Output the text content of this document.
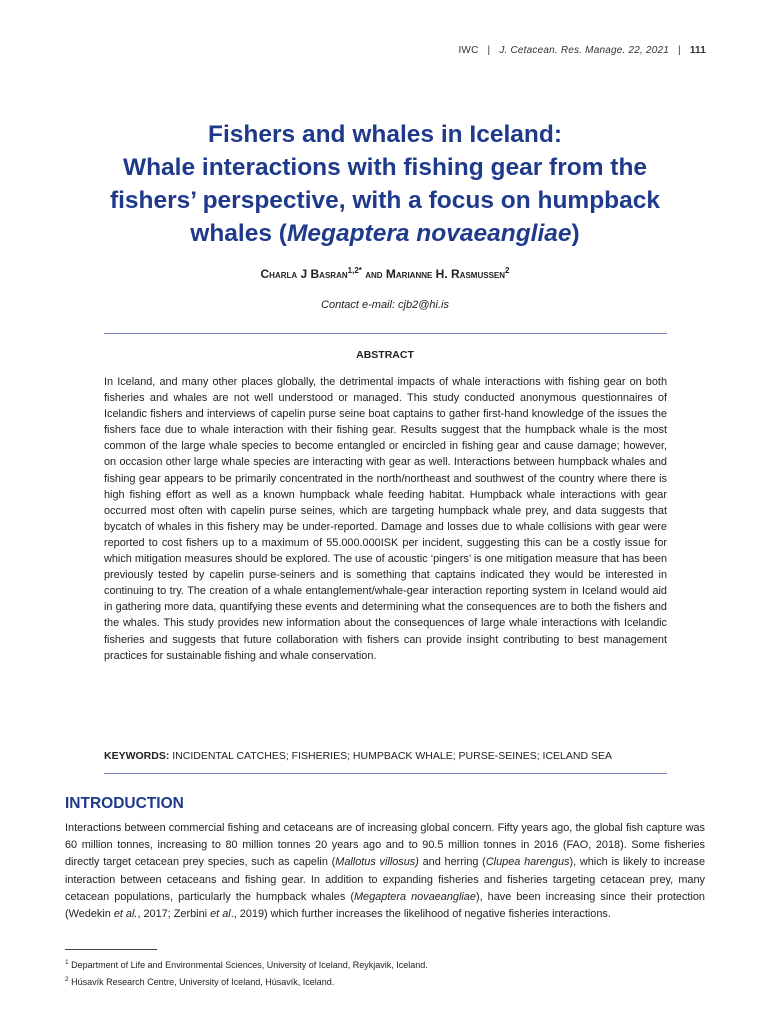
IWC | J. Cetacean. Res. Manage. 22, 2021 | 111
Fishers and whales in Iceland:
Whale interactions with fishing gear from the
fishers’ perspective, with a focus on humpback
whales (Megaptera novaeangliae)
Charla J Basran$^{1,2*}$ and Marianne H. Rasmussen$^2$
Contact e-mail: cjb2@hi.is
ABSTRACT

In Iceland, and many other places globally, the detrimental impacts of whale interactions with fishing gear on both fisheries and whales are not well understood or managed. This study conducted anonymous questionnaires of Icelandic fishers and interviews of capelin purse seine boat captains to gather first-hand knowledge of the issues the fishers face due to whale interaction with their fishing gear. Results suggest that the humpback whale is the most common of the large whale species to become entangled or encircled in fishing gear and cause damage; however, on occasion other large whale species are interacting with gear as well. Interactions between humpback whales and fishing gear appears to be primarily concentrated in the north/northeast and southwest of the country where there is high fishing effort as well as a known humpback whale feeding habitat. Humpback whale interactions with gear occurred most often with capelin purse seines, which are targeting humpback whale prey, and data suggests that bycatch of whales in this fishery may be under-reported. Damage and losses due to whale collisions with gear were reported to cost fishers up to a maximum of 55.000.000ISK per incident, suggesting this can be a costly issue for which mitigation measures should be explored. The use of acoustic ‘pingers’ is one mitigation measure that has been previously tested by capelin purse-seiners and is something that captains indicated they would be interested in continuing to try. The creation of a whale entanglement/whale-gear interaction reporting system in Iceland would aid in gathering more data, quantifying these events and determining what the consequences are to both the fishers and the whales. This study provides new information about the consequences of large whale interactions with Icelandic fisheries and suggests that future collaboration with fishers can provide insight contributing to best management practices for sustainable fishing and whale conservation.

KEYWORDS: INCIDENTAL CATCHES; FISHERIES; HUMPBACK WHALE; PURSE-SEINES; ICELAND SEA
INTRODUCTION

Interactions between commercial fishing and cetaceans are of increasing global concern. Fifty years ago, the global fish capture was 60 million tonnes, increasing to 80 million tonnes 20 years ago and to 90.5 million tonnes in 2016 (FAO, 2018). Some fisheries directly target cetacean prey species, such as capelin (Mallotus villosus) and herring (Clupea harengus), which is likely to increase interaction between cetaceans and fishing gear. In addition to expanding fisheries and fisheries targeting cetacean prey, many cetacean populations, particularly the humpback whales (Megaptera novaeangliae), have been increasing since their protection (Wedekin et al., 2017; Zerbini et al., 2019) which further increases the likelihood of negative fisheries interactions.

$^1$ Department of Life and Environmental Sciences, University of Iceland, Reykjavik, Iceland.
$^2$ Húsavík Research Centre, University of Iceland, Húsavík, Iceland.
